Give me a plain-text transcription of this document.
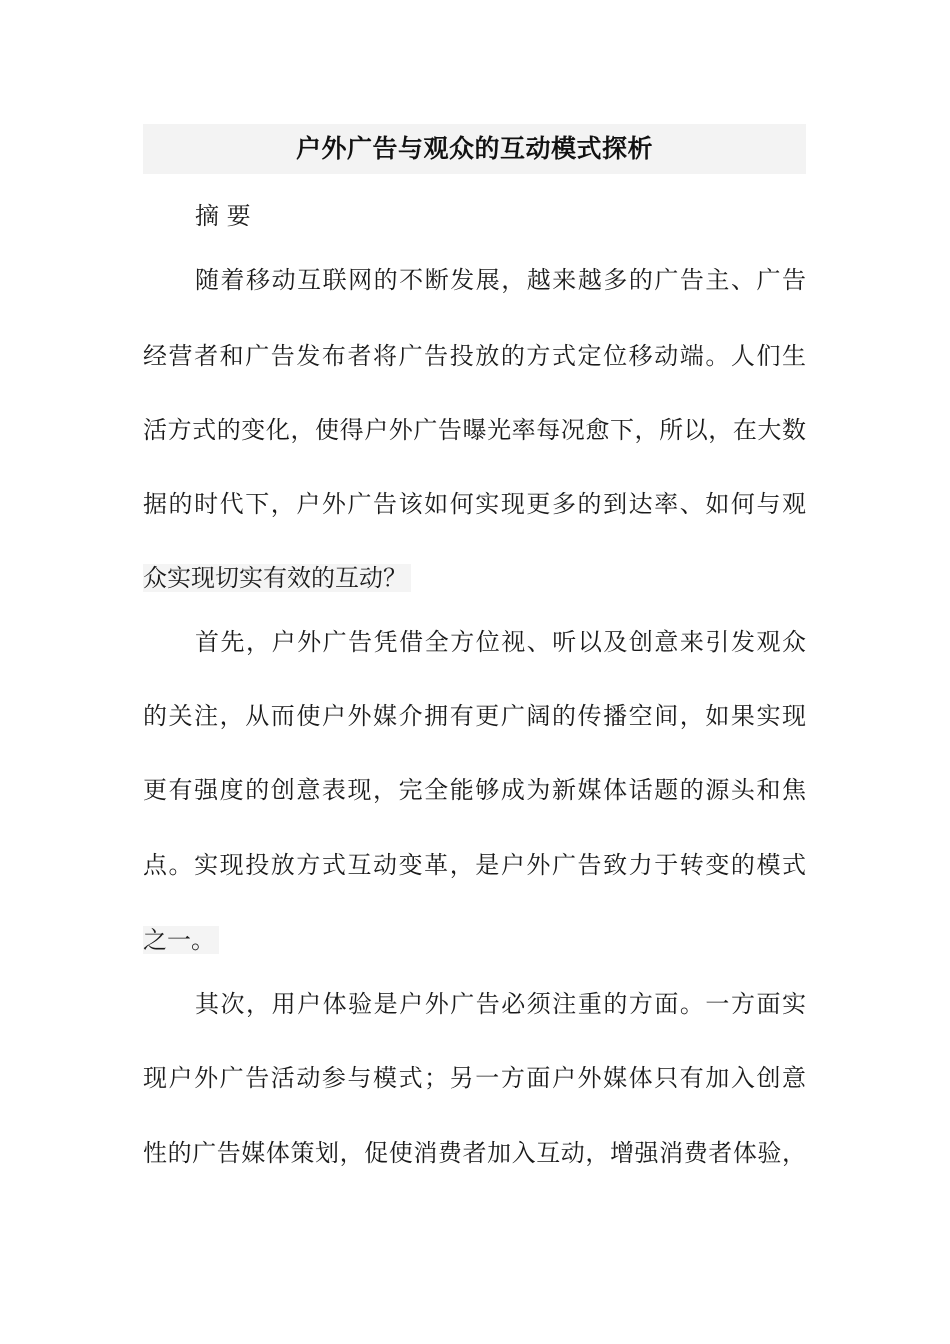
户外广告与观众的互动模式探析
摘 要
随着移动互联网的不断发展，越来越多的广告主、广告
经营者和广告发布者将广告投放的方式定位移动端。人们生
活方式的变化，使得户外广告曝光率每况愈下，所以，在大数
据的时代下，户外广告该如何实现更多的到达率、如何与观
众实现切实有效的互动？
首先，户外广告凭借全方位视、听以及创意来引发观众
的关注，从而使户外媒介拥有更广阔的传播空间，如果实现
更有强度的创意表现，完全能够成为新媒体话题的源头和焦
点。实现投放方式互动变革，是户外广告致力于转变的模式
之一。
其次，用户体验是户外广告必须注重的方面。一方面实
现户外广告活动参与模式；另一方面户外媒体只有加入创意
性的广告媒体策划，促使消费者加入互动，增强消费者体验，
